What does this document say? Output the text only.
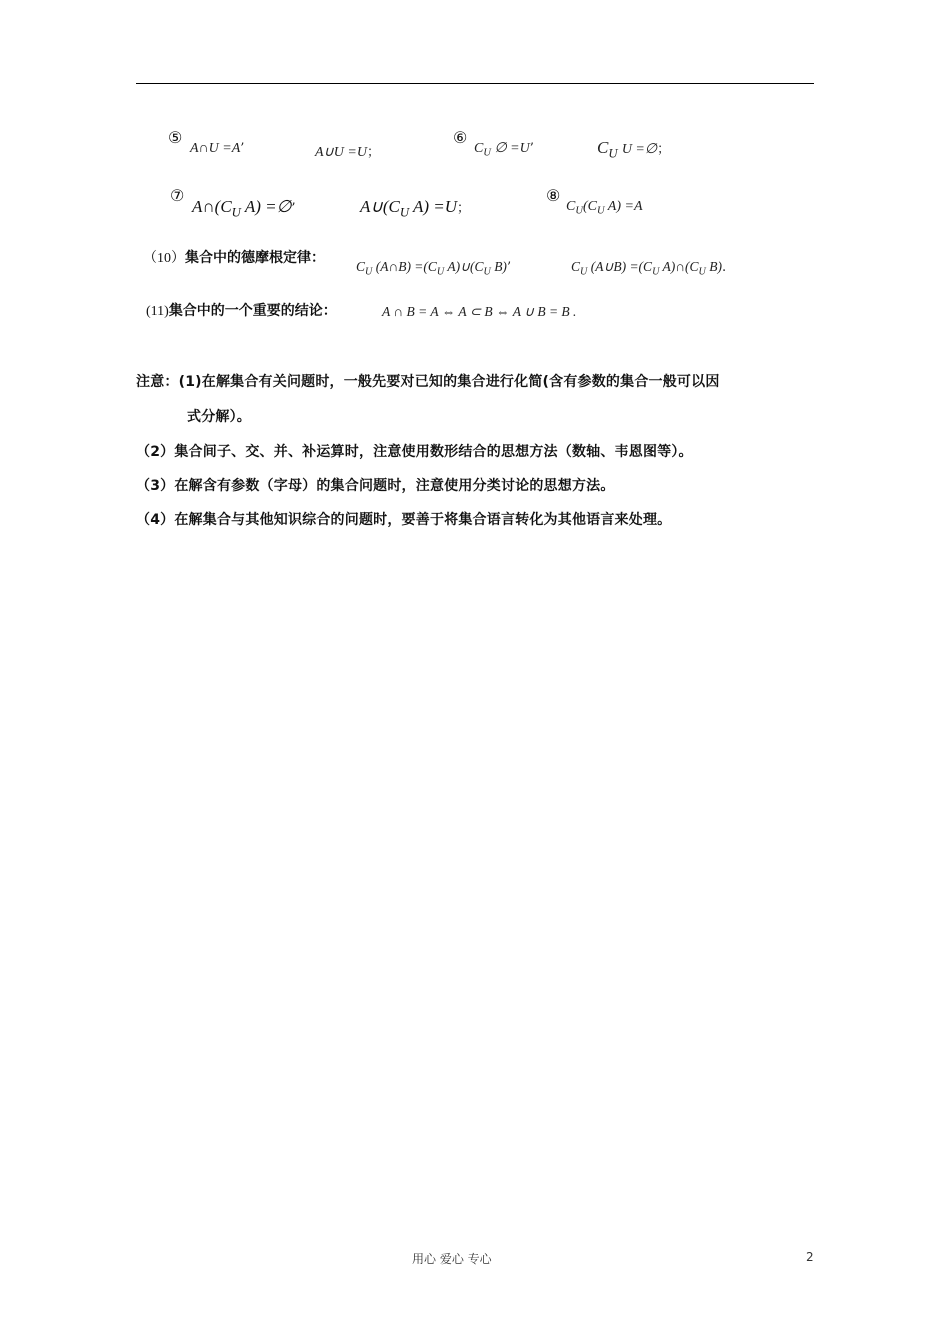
⑤
A∩U =A’	A∪U =U；
⑥
$C_U$ ∅ =U’	$C_U$ U =∅；
⑦
$A\cap(C_U$ A) =∅’	$A\cup(C_U$ A) =U；
⑧
$C_U(C_U$ A) =A
（10）集合中的德摩根定律：
$C_U$ (A∩B) $=(C_U$ $A)\cup(C_U$ B)’	$C_U$ (A∪B) $=(C_U$ $A)\cap(C_U$ B).
(11)集合中的一个重要的结论：	A ∩ B = A ⇔ A ⊂ B ⇔ A ∪ B = B .
注意：(1)在解集合有关问题时，一般先要对已知的集合进行化简(含有参数的集合一般可以因
式分解）。
（2）集合间子、交、并、补运算时，注意使用数形结合的思想方法（数轴、韦恩图等）。
（3）在解含有参数（字母）的集合问题时，注意使用分类讨论的思想方法。
（4）在解集合与其他知识综合的问题时，要善于将集合语言转化为其他语言来处理。
用心 爱心 专心	2
